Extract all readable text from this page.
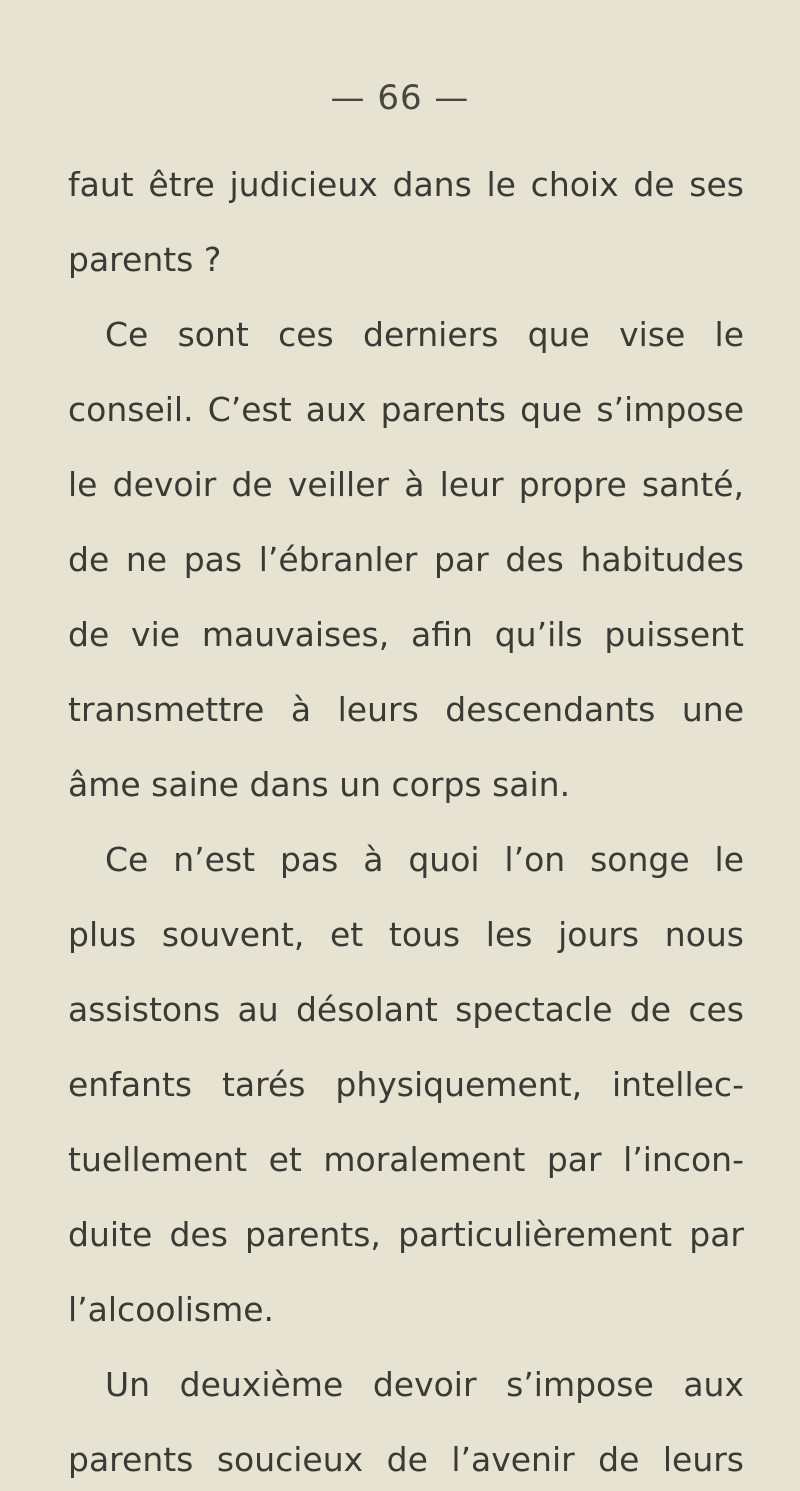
— 66 —
faut être judicieux dans le choix de ses
parents ?
Ce sont ces derniers que vise le
conseil. C’est aux parents que s’impose
le devoir de veiller à leur propre santé,
de ne pas l’ébranler par des habitudes
de vie mauvaises, afin qu’ils puissent
transmettre à leurs descendants une
âme saine dans un corps sain.
Ce n’est pas à quoi l’on songe le
plus souvent, et tous les jours nous
assistons au désolant spectacle de ces
enfants tarés physiquement, intellec-
tuellement et moralement par l’incon-
duite des parents, particulièrement par
l’alcoolisme.
Un deuxième devoir s’impose aux
parents soucieux de l’avenir de leurs
